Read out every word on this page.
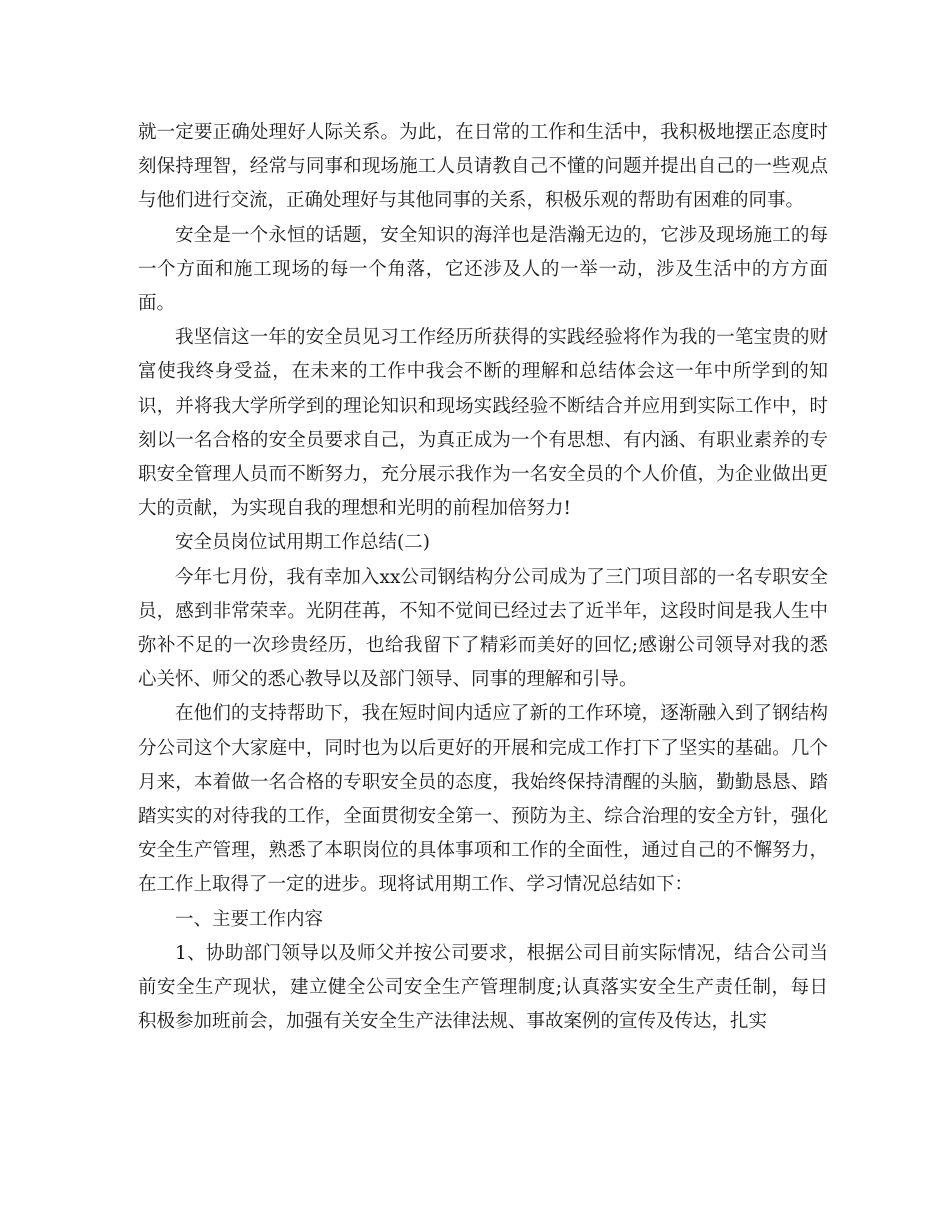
就一定要正确处理好人际关系。为此，在日常的工作和生活中，我积极地摆正态度时刻保持理智，经常与同事和现场施工人员请教自己不懂的问题并提出自己的一些观点与他们进行交流，正确处理好与其他同事的关系，积极乐观的帮助有困难的同事。

安全是一个永恒的话题，安全知识的海洋也是浩瀚无边的，它涉及现场施工的每一个方面和施工现场的每一个角落，它还涉及人的一举一动，涉及生活中的方方面面。

我坚信这一年的安全员见习工作经历所获得的实践经验将作为我的一笔宝贵的财富使我终身受益，在未来的工作中我会不断的理解和总结体会这一年中所学到的知识，并将我大学所学到的理论知识和现场实践经验不断结合并应用到实际工作中，时刻以一名合格的安全员要求自己，为真正成为一个有思想、有内涵、有职业素养的专职安全管理人员而不断努力，充分展示我作为一名安全员的个人价值，为企业做出更大的贡献，为实现自我的理想和光明的前程加倍努力!

安全员岗位试用期工作总结(二)

今年七月份，我有幸加入xx公司钢结构分公司成为了三门项目部的一名专职安全员，感到非常荣幸。光阴荏苒，不知不觉间已经过去了近半年，这段时间是我人生中弥补不足的一次珍贵经历，也给我留下了精彩而美好的回忆;感谢公司领导对我的悉心关怀、师父的悉心教导以及部门领导、同事的理解和引导。

在他们的支持帮助下，我在短时间内适应了新的工作环境，逐渐融入到了钢结构分公司这个大家庭中，同时也为以后更好的开展和完成工作打下了坚实的基础。几个月来，本着做一名合格的专职安全员的态度，我始终保持清醒的头脑，勤勤恳恳、踏踏实实的对待我的工作，全面贯彻安全第一、预防为主、综合治理的安全方针，强化安全生产管理，熟悉了本职岗位的具体事项和工作的全面性，通过自己的不懈努力，在工作上取得了一定的进步。现将试用期工作、学习情况总结如下：

一、主要工作内容

1、协助部门领导以及师父并按公司要求，根据公司目前实际情况，结合公司当前安全生产现状，建立健全公司安全生产管理制度;认真落实安全生产责任制，每日积极参加班前会，加强有关安全生产法律法规、事故案例的宣传及传达，扎实
